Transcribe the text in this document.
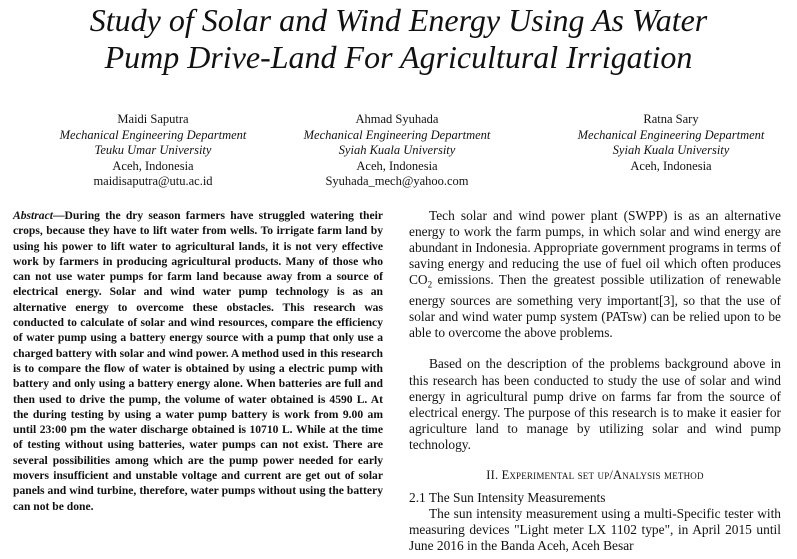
Study of Solar and Wind Energy Using As Water
Pump Drive-Land For Agricultural Irrigation
Maidi Saputra
Mechanical Engineering Department
Teuku Umar University
Aceh, Indonesia
maidisaputra@utu.ac.id
Ahmad Syuhada
Mechanical Engineering Department
Syiah Kuala University
Aceh, Indonesia
Syuhada_mech@yahoo.com
Ratna Sary
Mechanical Engineering Department
Syiah Kuala University
Aceh, Indonesia
Abstract—During the dry season farmers have struggled watering their crops, because they have to lift water from wells. To irrigate farm land by using his power to lift water to agricultural lands, it is not very effective work by farmers in producing agricultural products. Many of those who can not use water pumps for farm land because away from a source of electrical energy. Solar and wind water pump technology is as an alternative energy to overcome these obstacles. This research was conducted to calculate of solar and wind resources, compare the efficiency of water pump using a battery energy source with a pump that only use a charged battery with solar and wind power. A method used in this research is to compare the flow of water is obtained by using a electric pump with battery and only using a battery energy alone. When batteries are full and then used to drive the pump, the volume of water obtained is 4590 L. At the during testing by using a water pump battery is work from 9.00 am until 23:00 pm the water discharge obtained is 10710 L. While at the time of testing without using batteries, water pumps can not exist. There are several possibilities among which are the pump power needed for early movers insufficient and unstable voltage and current are get out of solar panels and wind turbine, therefore, water pumps without using the battery can not be done.

Tech solar and wind power plant (SWPP) is as an alternative energy to work the farm pumps, in which solar and wind energy are abundant in Indonesia. Appropriate government programs in terms of saving energy and reducing the use of fuel oil which often produces $CO_2$ emissions. Then the greatest possible utilization of renewable energy sources are something very important[3], so that the use of solar and wind water pump system (PATsw) can be relied upon to be able to overcome the above problems.

Based on the description of the problems background above in this research has been conducted to study the use of solar and wind energy in agricultural pump drive on farms far from the source of electrical energy. The purpose of this research is to make it easier for agriculture land to manage by utilizing solar and wind pump technology.

II. Experimental set up/Analysis method
2.1 The Sun Intensity Measurements

The sun intensity measurement using a multi-Specific tester with measuring devices "Light meter LX 1102 type", in April 2015 until June 2016 in the Banda Aceh, Aceh Besar
